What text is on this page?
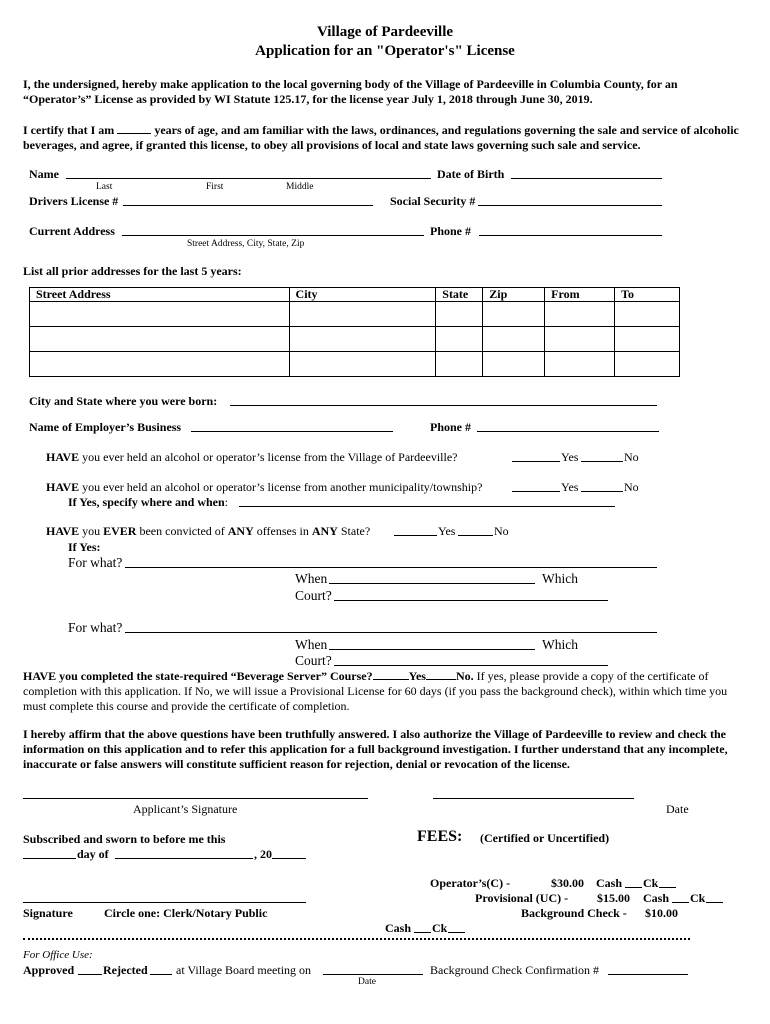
Village of Pardeeville
Application for an "Operator's" License
I, the undersigned, hereby make application to the local governing body of the Village of Pardeeville in Columbia County, for an “Operator’s” License as provided by WI Statute 125.17, for the license year July 1, 2018 through June 30, 2019.
I certify that I am	years of age, and am familiar with the laws, ordinances, and regulations governing the sale and service of alcoholic beverages, and agree, if granted this license, to obey all provisions of local and state laws governing such sale and service.
Name	Date of Birth
Last	First	Middle
Drivers License #	Social Security #
Current Address	Phone #
Street Address, City, State, Zip
List all prior addresses for the last 5 years:
Street Address	City	State	Zip	From	To

City and State where you were born:
Name of Employer’s Business	Phone #
HAVE you ever held an alcohol or operator’s license from the Village of Pardeeville?	Yes	No
HAVE you ever held an alcohol or operator’s license from another municipality/township?	Yes	No
If Yes, specify where and when:
HAVE you EVER been convicted of ANY offenses in ANY State?	Yes	No
If Yes:
For what?
When	Which
Court?
For what?
When	Which
Court?
HAVE you completed the state-required “Beverage Server” Course?	Yes	No. If yes, please provide a copy of the certificate of completion with this application. If No, we will issue a Provisional License for 60 days (if you pass the background check), within which time you must complete this course and provide the certificate of completion.
I hereby affirm that the above questions have been truthfully answered. I also authorize the Village of Pardeeville to review and check the information on this application and to refer this application for a full background investigation. I further understand that any incomplete, inaccurate or false answers will constitute sufficient reason for rejection, denial or revocation of the license.
Applicant’s Signature	Date
Subscribed and sworn to before me this
day of	, 20
Signature	Circle one: Clerk/Notary Public
FEES: (Certified or Uncertified)
Operator’s(C) -	$30.00 Cash Ck
Provisional (UC) - $15.00 Cash Ck
Background Check - $10.00
Cash Ck
For Office Use:
Approved Rejected at Village Board meeting on	Background Check Confirmation #
Date
